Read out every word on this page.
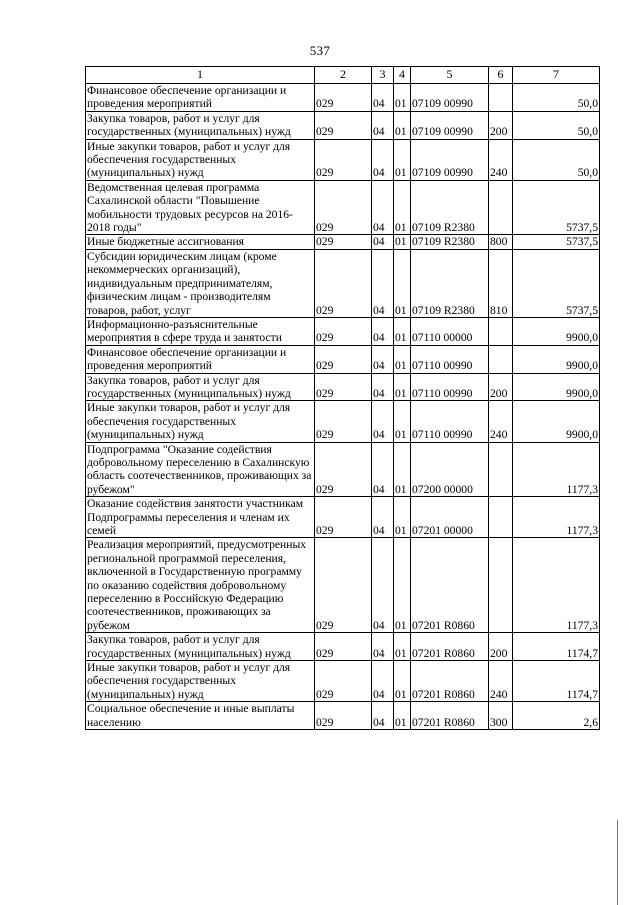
537
1	2	3	4	5	6	7
Финансовое обеспечение организации и проведения мероприятий	029	04	01	07109 00990		50,0
Закупка товаров, работ и услуг для государственных (муниципальных) нужд	029	04	01	07109 00990	200	50,0
Иные закупки товаров, работ и услуг для обеспечения государственных (муниципальных) нужд	029	04	01	07109 00990	240	50,0
Ведомственная целевая программа Сахалинской области "Повышение мобильности трудовых ресурсов на 2016-2018 годы"	029	04	01	07109 R2380		5737,5
Иные бюджетные ассигнования	029	04	01	07109 R2380	800	5737,5
Субсидии юридическим лицам (кроме некоммерческих организаций), индивидуальным предпринимателям, физическим лицам - производителям товаров, работ, услуг	029	04	01	07109 R2380	810	5737,5
Информационно-разъяснительные мероприятия в сфере труда и занятости	029	04	01	07110 00000		9900,0
Финансовое обеспечение организации и проведения мероприятий	029	04	01	07110 00990		9900,0
Закупка товаров, работ и услуг для государственных (муниципальных) нужд	029	04	01	07110 00990	200	9900,0
Иные закупки товаров, работ и услуг для обеспечения государственных (муниципальных) нужд	029	04	01	07110 00990	240	9900,0
Подпрограмма "Оказание содействия добровольному переселению в Сахалинскую область соотечественников, проживающих за рубежом"	029	04	01	07200 00000		1177,3
Оказание содействия занятости участникам Подпрограммы переселения и членам их семей	029	04	01	07201 00000		1177,3
Реализация мероприятий, предусмотренных региональной программой переселения, включенной в Государственную программу по оказанию содействия добровольному переселению в Российскую Федерацию соотечественников, проживающих за рубежом	029	04	01	07201 R0860		1177,3
Закупка товаров, работ и услуг для государственных (муниципальных) нужд	029	04	01	07201 R0860	200	1174,7
Иные закупки товаров, работ и услуг для обеспечения государственных (муниципальных) нужд	029	04	01	07201 R0860	240	1174,7
Социальное обеспечение и иные выплаты населению	029	04	01	07201 R0860	300	2,6
